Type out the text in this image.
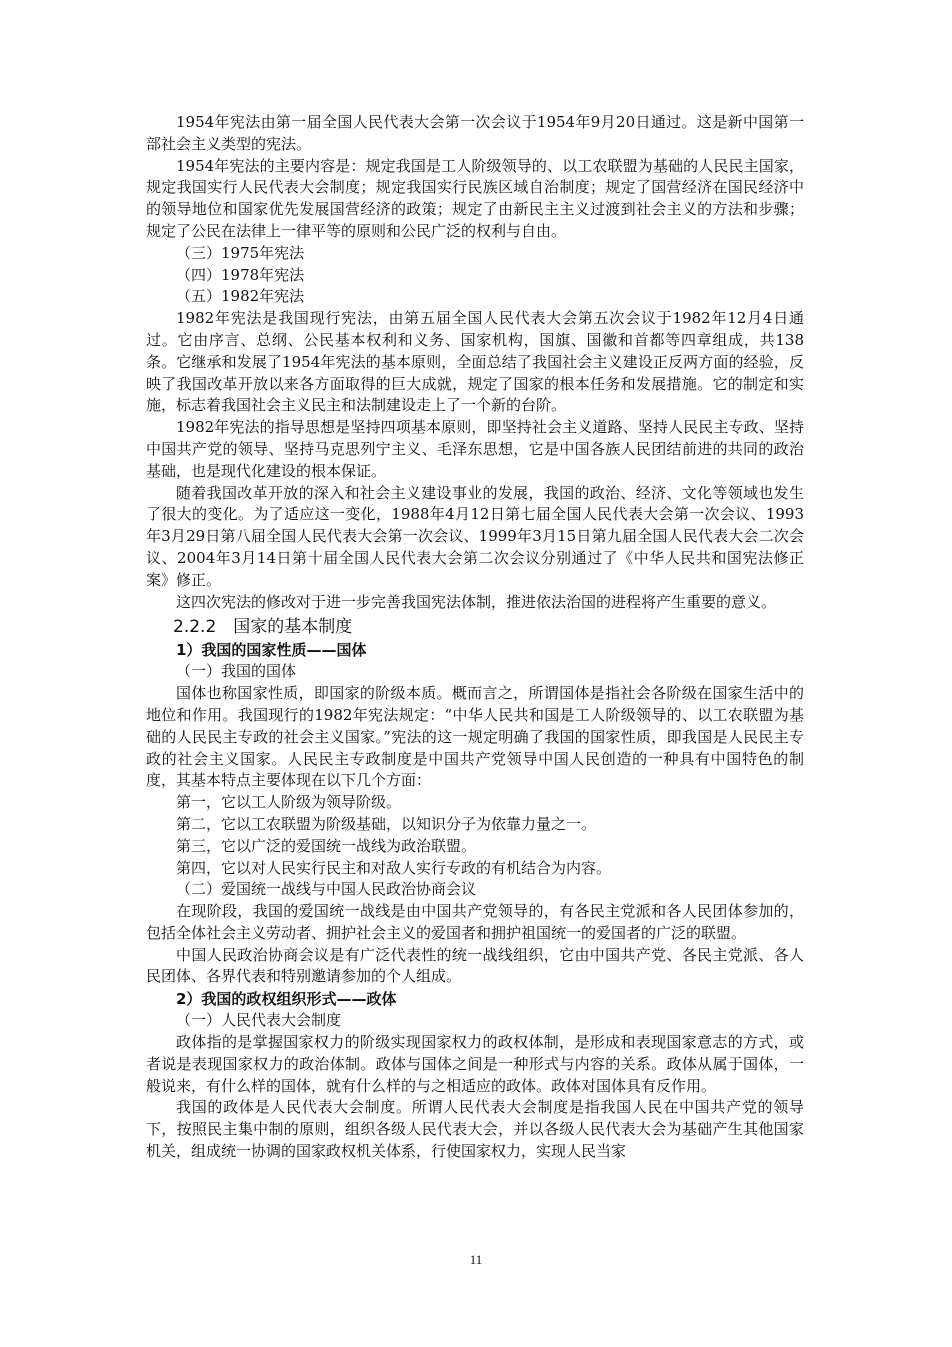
1954年宪法由第一届全国人民代表大会第一次会议于1954年9月20日通过。这是新中国第一部社会主义类型的宪法。

1954年宪法的主要内容是：规定我国是工人阶级领导的、以工农联盟为基础的人民民主国家，规定我国实行人民代表大会制度；规定我国实行民族区域自治制度；规定了国营经济在国民经济中的领导地位和国家优先发展国营经济的政策；规定了由新民主主义过渡到社会主义的方法和步骤；规定了公民在法律上一律平等的原则和公民广泛的权利与自由。

（三）1975年宪法

（四）1978年宪法

（五）1982年宪法

1982年宪法是我国现行宪法，由第五届全国人民代表大会第五次会议于1982年12月4日通过。它由序言、总纲、公民基本权利和义务、国家机构，国旗、国徽和首都等四章组成，共138条。它继承和发展了1954年宪法的基本原则，全面总结了我国社会主义建设正反两方面的经验，反映了我国改革开放以来各方面取得的巨大成就，规定了国家的根本任务和发展措施。它的制定和实施，标志着我国社会主义民主和法制建设走上了一个新的台阶。

1982年宪法的指导思想是坚持四项基本原则，即坚持社会主义道路、坚持人民民主专政、坚持中国共产党的领导、坚持马克思列宁主义、毛泽东思想，它是中国各族人民团结前进的共同的政治基础，也是现代化建设的根本保证。

随着我国改革开放的深入和社会主义建设事业的发展，我国的政治、经济、文化等领域也发生了很大的变化。为了适应这一变化，1988年4月12日第七届全国人民代表大会第一次会议、1993年3月29日第八届全国人民代表大会第一次会议、1999年3月15日第九届全国人民代表大会二次会议、2004年3月14日第十届全国人民代表大会第二次会议分别通过了《中华人民共和国宪法修正案》修正。

这四次宪法的修改对于进一步完善我国宪法体制，推进依法治国的进程将产生重要的意义。

2.2.2　国家的基本制度

1）我国的国家性质——国体

（一）我国的国体

国体也称国家性质，即国家的阶级本质。概而言之，所谓国体是指社会各阶级在国家生活中的地位和作用。我国现行的1982年宪法规定：“中华人民共和国是工人阶级领导的、以工农联盟为基础的人民民主专政的社会主义国家。”宪法的这一规定明确了我国的国家性质，即我国是人民民主专政的社会主义国家。人民民主专政制度是中国共产党领导中国人民创造的一种具有中国特色的制度，其基本特点主要体现在以下几个方面：

第一，它以工人阶级为领导阶级。

第二，它以工农联盟为阶级基础，以知识分子为依靠力量之一。

第三，它以广泛的爱国统一战线为政治联盟。

第四，它以对人民实行民主和对敌人实行专政的有机结合为内容。

（二）爱国统一战线与中国人民政治协商会议

在现阶段，我国的爱国统一战线是由中国共产党领导的，有各民主党派和各人民团体参加的，包括全体社会主义劳动者、拥护社会主义的爱国者和拥护祖国统一的爱国者的广泛的联盟。

中国人民政治协商会议是有广泛代表性的统一战线组织，它由中国共产党、各民主党派、各人民团体、各界代表和特别邀请参加的个人组成。

2）我国的政权组织形式——政体

（一）人民代表大会制度

政体指的是掌握国家权力的阶级实现国家权力的政权体制，是形成和表现国家意志的方式，或者说是表现国家权力的政治体制。政体与国体之间是一种形式与内容的关系。政体从属于国体，一般说来，有什么样的国体，就有什么样的与之相适应的政体。政体对国体具有反作用。

我国的政体是人民代表大会制度。所谓人民代表大会制度是指我国人民在中国共产党的领导下，按照民主集中制的原则，组织各级人民代表大会，并以各级人民代表大会为基础产生其他国家机关，组成统一协调的国家政权机关体系，行使国家权力，实现人民当家

11
